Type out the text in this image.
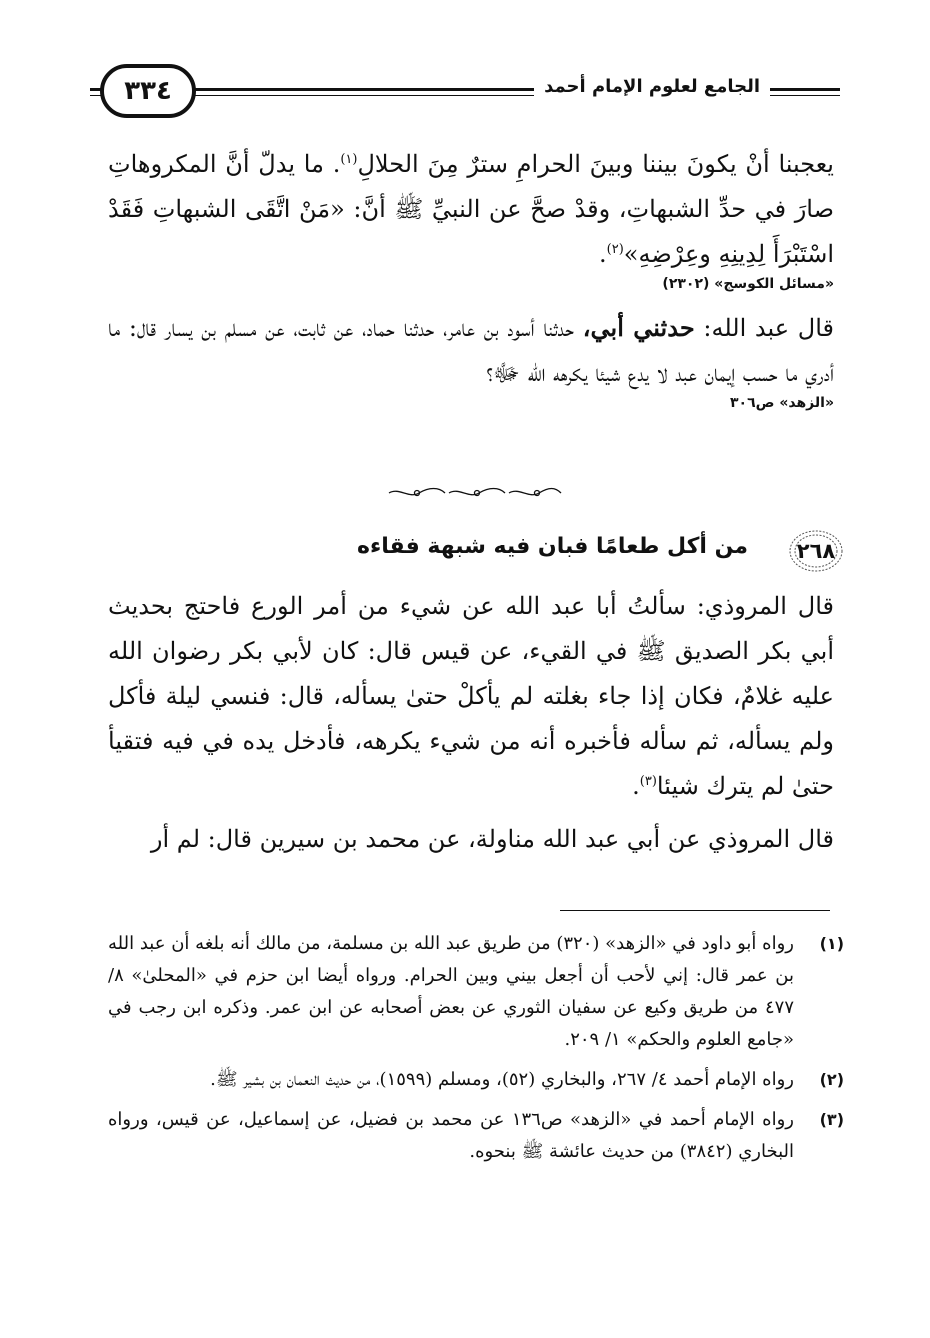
٣٣٤	الجامع لعلوم الإمام أحمد

يعجبنا أنْ يكونَ بيننا وبينَ الحرامِ سترٌ مِنَ الحلالِ$^{(١)}$. ما يدلّ أنَّ المكروهاتِ صارَ في حدِّ الشبهاتِ، وقدْ صحَّ عن النبيِّ ﷺ أنَّ: «مَنْ اتَّقَى الشبهاتِ فَقَدْ اسْتَبْرَأَ لِدِينِهِ وعِرْضِهِ»$^{(٢)}$.

«مسائل الكوسج» (٢٣٠٢)

قال عبد الله: حدثني أبي، حدثنا أسود بن عامر، حدثنا حماد، عن ثابت، عن مسلم بن يسار قال: ما أدري ما حسب إيمان عبد لا يدع شيئا يكرهه الله ﷻ؟

«الزهد» ص٣٠٦
٢٦٨
من أكل طعامًا فبان فيه شبهة فقاءه

قال المروذي: سألتُ أبا عبد الله عن شيء من أمر الورع فاحتج بحديث أبي بكر الصديق ﷺ في القيء، عن قيس قال: كان لأبي بكر رضوان الله عليه غلامٌ، فكان إذا جاء بغلته لم يأكلْ حتىٰ يسأله، قال: فنسي ليلة فأكل ولم يسأله، ثم سأله فأخبره أنه من شيء يكرهه، فأدخل يده في فيه فتقيأ حتىٰ لم يترك شيئا$^{(٣)}$.

قال المروذي عن أبي عبد الله مناولة، عن محمد بن سيرين قال: لم أر

(١)
رواه أبو داود في «الزهد» (٣٢٠) من طريق عبد الله بن مسلمة، من مالك أنه بلغه أن عبد الله بن عمر قال: إني لأحب أن أجعل بيني وبين الحرام. ورواه أيضا ابن حزم في «المحلىٰ» ٨/ ٤٧٧ من طريق وكيع عن سفيان الثوري عن بعض أصحابه عن ابن عمر. وذكره ابن رجب في «جامع العلوم والحكم» ١/ ٢٠٩.
(٢)
رواه الإمام أحمد ٤/ ٢٦٧، والبخاري (٥٢)، ومسلم (١٥٩٩)، من حديث النعمان بن بشير ﷺ.
(٣)
رواه الإمام أحمد في «الزهد» ص١٣٦ عن محمد بن فضيل، عن إسماعيل، عن قيس، ورواه البخاري (٣٨٤٢) من حديث عائشة ﷺ بنحوه.
